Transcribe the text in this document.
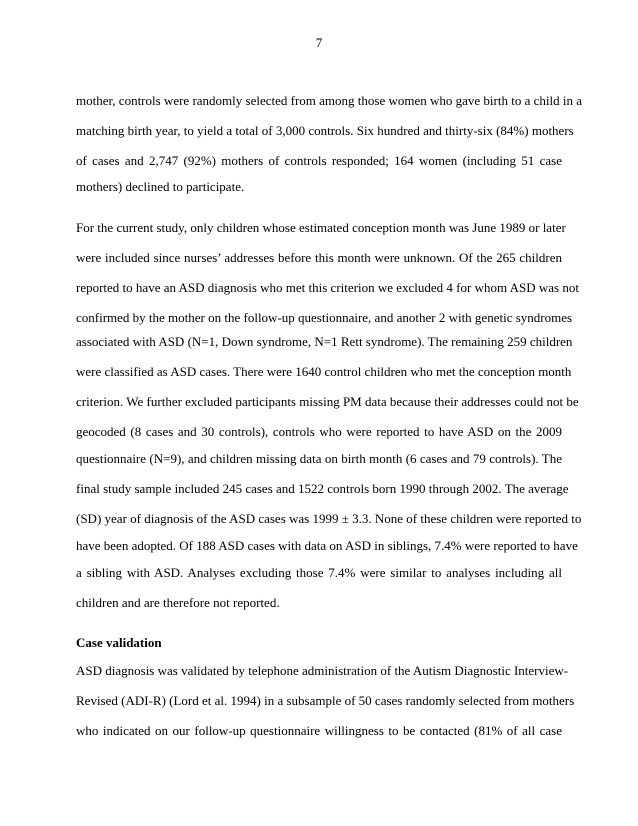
7
mother, controls were randomly selected from among those women who gave birth to a child in a
matching birth year, to yield a total of 3,000 controls. Six hundred and thirty-six (84%) mothers
of cases and 2,747 (92%) mothers of controls responded; 164 women (including 51 case
mothers) declined to participate.
For the current study, only children whose estimated conception month was June 1989 or later
were included since nurses’ addresses before this month were unknown. Of the 265 children
reported to have an ASD diagnosis who met this criterion we excluded 4 for whom ASD was not
confirmed by the mother on the follow-up questionnaire, and another 2 with genetic syndromes
associated with ASD (N=1, Down syndrome, N=1 Rett syndrome). The remaining 259 children
were classified as ASD cases. There were 1640 control children who met the conception month
criterion. We further excluded participants missing PM data because their addresses could not be
geocoded (8 cases and 30 controls), controls who were reported to have ASD on the 2009
questionnaire (N=9), and children missing data on birth month (6 cases and 79 controls). The
final study sample included 245 cases and 1522 controls born 1990 through 2002. The average
(SD) year of diagnosis of the ASD cases was 1999 ± 3.3. None of these children were reported to
have been adopted. Of 188 ASD cases with data on ASD in siblings, 7.4% were reported to have
a sibling with ASD. Analyses excluding those 7.4% were similar to analyses including all
children and are therefore not reported.
Case validation
ASD diagnosis was validated by telephone administration of the Autism Diagnostic Interview-
Revised (ADI-R) (Lord et al. 1994) in a subsample of 50 cases randomly selected from mothers
who indicated on our follow-up questionnaire willingness to be contacted (81% of all case
